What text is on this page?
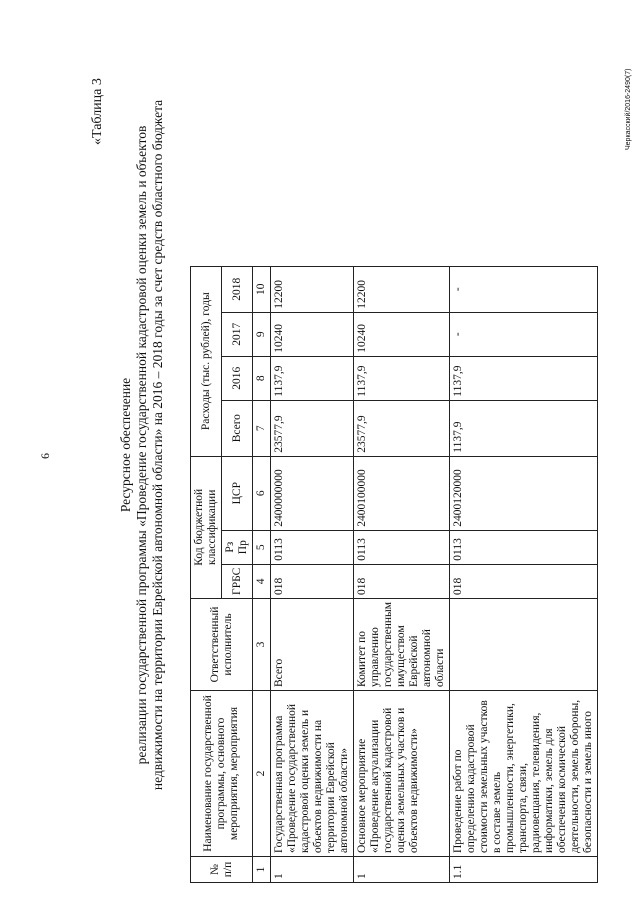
6
«Таблица 3
Ресурсное обеспечение реализации государственной программы «Проведение государственной кадастровой оценки земель и объектов недвижимости на территории Еврейской автономной области» на 2016 – 2018 годы за счет средств областного бюджета
№ п/п	Наименование государственной программы, основного мероприятия, мероприятия	Ответственный исполнитель	Код бюджетной классификации			Расходы (тыс. рублей), годы			
			ГРБС	Рз Пр	ЦСР	Всего	2016	2017	2018
1	2	3	4	5	6	7	8	9	10
1	Государственная программа «Проведение государственной кадастровой оценки земель и объектов недвижимости на территории Еврейской автономной области»	Всего	018	0113	2400000000	23577,9	1137,9	10240	12200
1	Основное мероприятие «Проведение актуализации государственной кадастровой оценки земельных участков и объектов недвижимости»	Комитет по управлению государственным имуществом Еврейской автономной области	018	0113	2400100000	23577,9	1137,9	10240	12200
1.1	Проведение работ по определению кадастровой стоимости земельных участков в составе земель промышленности, энергетики, транспорта, связи, радиовещания, телевидения, информатики, земель для обеспечения космической деятельности, земель обороны, безопасности и земель иного		018	0113	2400120000	1137,9	1137,9	-	-
Черкасский/2016-2490(7)
